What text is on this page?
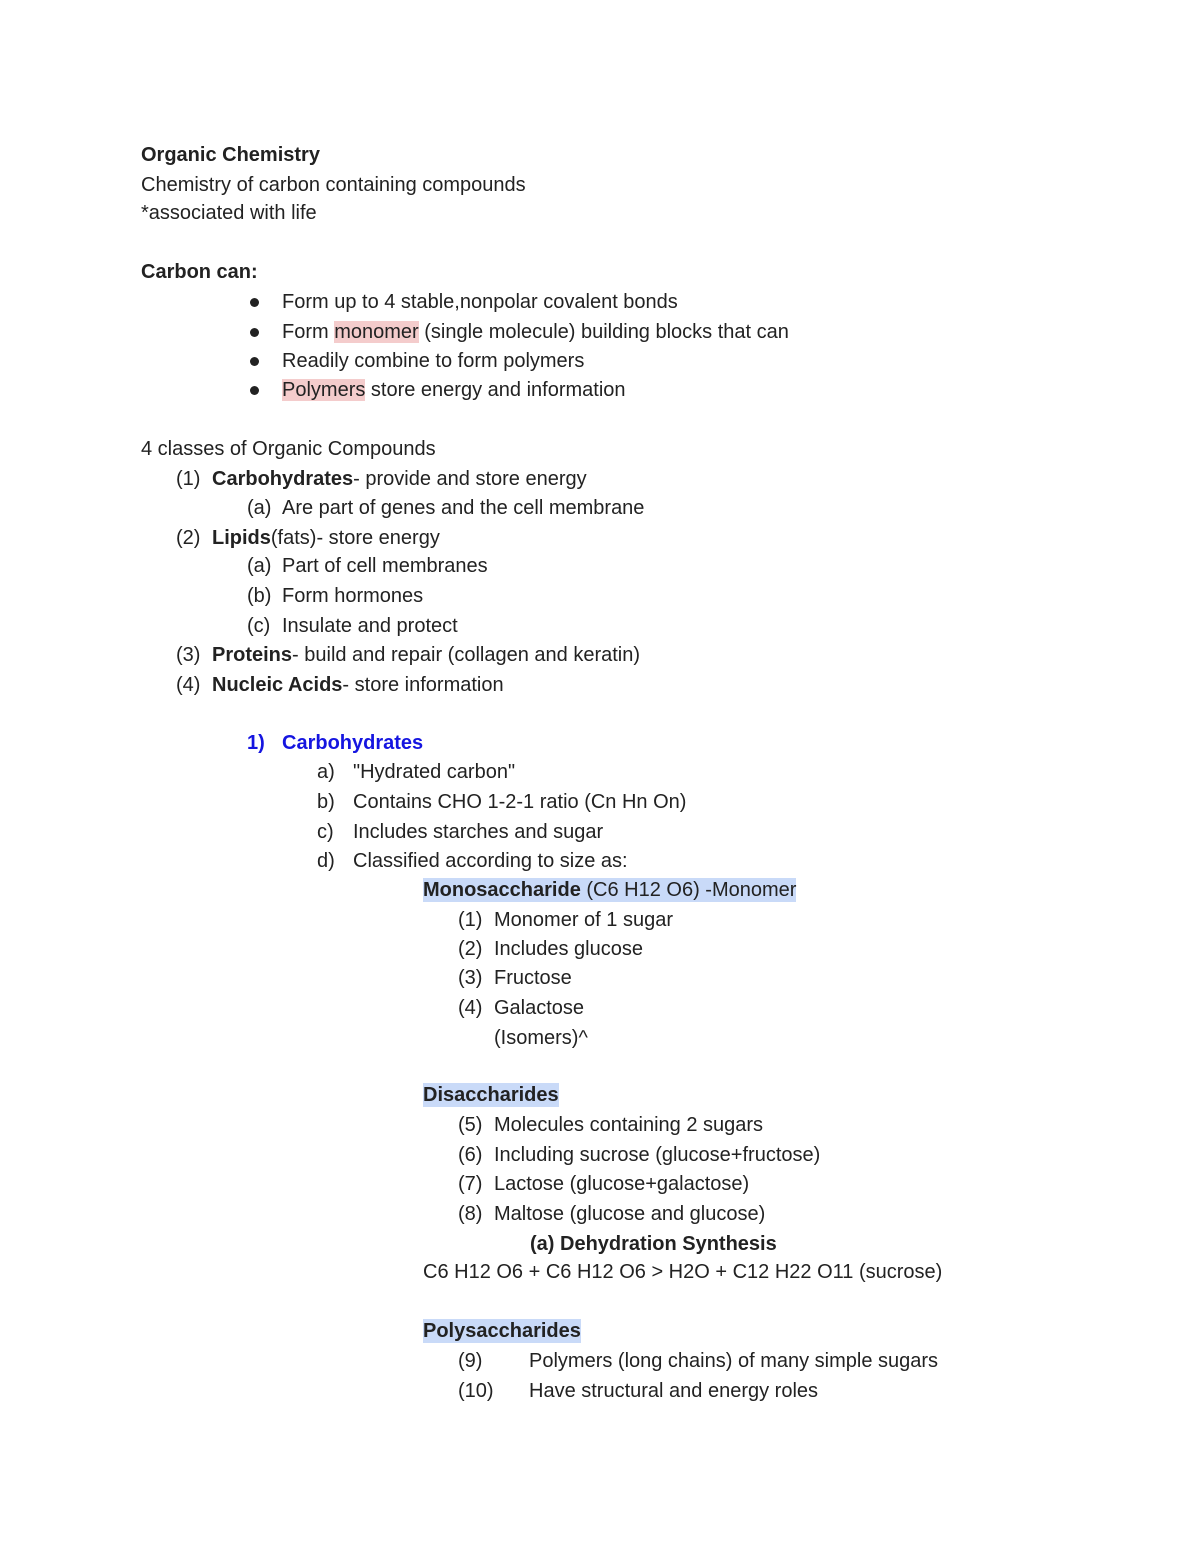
Organic Chemistry
Chemistry of carbon containing compounds
*associated with life
Carbon can:
Form up to 4 stable,nonpolar covalent bonds
Form monomer (single molecule) building blocks that can
Readily combine to form polymers
Polymers store energy and information
4 classes of Organic Compounds
(1) Carbohydrates- provide and store energy
(a) Are part of genes and the cell membrane
(2) Lipids(fats)- store energy
(a) Part of cell membranes
(b) Form hormones
(c) Insulate and protect
(3) Proteins- build and repair (collagen and keratin)
(4) Nucleic Acids- store information
1) Carbohydrates
a) "Hydrated carbon"
b) Contains CHO 1-2-1 ratio (Cn Hn On)
c) Includes starches and sugar
d) Classified according to size as:
Monosaccharide (C6 H12 O6) -Monomer
(1) Monomer of 1 sugar
(2) Includes glucose
(3) Fructose
(4) Galactose
(Isomers)^
Disaccharides
(5) Molecules containing 2 sugars
(6) Including sucrose (glucose+fructose)
(7) Lactose (glucose+galactose)
(8) Maltose (glucose and glucose)
(a) Dehydration Synthesis
C6 H12 O6 + C6 H12 O6 > H2O + C12 H22 O11 (sucrose)
Polysaccharides
(9) Polymers (long chains) of many simple sugars
(10) Have structural and energy roles
